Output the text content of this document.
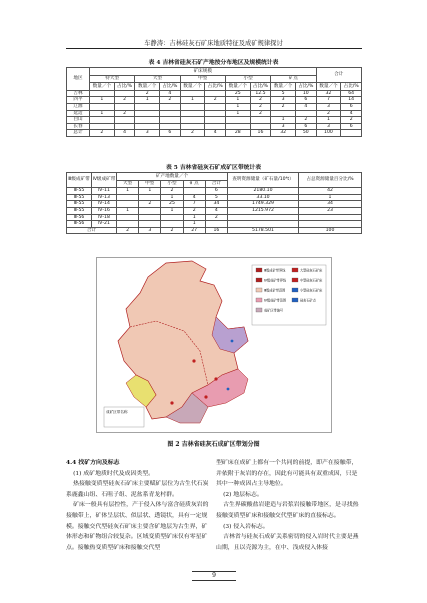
车静涛：吉林硅灰石矿床地质特征及成矿规律探讨
表 4 吉林省硅灰石矿产地按分布地区及规模统计表
地区	矿床规模										合计	
	特大型		大型		中型		小型		矿点			
	数量／个	占比/%	数量／个	占比/%	数量／个	占比/%	数量／个	占比/%	数量／个	占比/%	数量／个	占比/%
吉林			2	4			25	12.5	5	10	32	64
四平	1	2	1	2	1	2	1	2	3	6	7	14
辽源							1	2	2	4	3	6
延边	1	2					1	2			2	4
白山									1	2	1	2
长春									3	6	3	6
总计	2	4	3	6	2	4	28	16	32	50	100	
表 5 吉林省硅灰石矿成矿区带统计表
Ⅲ级成矿带	Ⅳ级成矿带	矿产地数量／个					查明资源储量（矿石量/10⁴t）	占总资源储量百分比/%
		大型	中型	小型	矿点	合计		
Ⅲ-55	Ⅳ-11	1	1	2		6	2180.10	42
Ⅲ-55	Ⅳ-13			1	4	5	33.10	1
Ⅲ-55	Ⅳ-14		2	25	7	34	1749.329	34
Ⅲ-55	Ⅳ-16	1		1	2	4	1215.972	23
Ⅲ-56	Ⅳ-18				1	2		
Ⅲ-56	Ⅳ-21				1			
合计		2	3	2	27	16	5178.501	100
成矿区带名称
Ⅲ级成矿带界线
Ⅳ级成矿带界线
Ⅲ级成矿带范围
Ⅳ级成矿带范围
成矿区带编号
大型硅灰石矿床
中型硅灰石矿床
小型硅灰石矿床
硅灰石矿点
图 2 吉林省硅灰石成矿区带划分图

4.4 找矿方向及标志

(1) 成矿地质时代及成因类型。

热接触变质型硅灰石矿床主要赋矿层位为古生代石炭系鹿鑫山组、石咀子组、泥盆系青龙村群。

矿床一般具有层控性，产于侵入体与富含硅质灰岩的接触带上，矿体呈层状、似层状、透镜状，具有一定规模。接触交代型硅灰石矿床主要含矿地层为古生界，矿体形态和矿物组合较复杂。区域变质型矿床仅有零星矿点。接触热变质型矿床和接触交代型

型矿床在成矿上都有一个共同的前提，即产在接触带，并依附于灰岩的存在，因此有可能具有双重成因，只是其中一种成因占主导地位。

(2) 地层标志。

古生界碳酸盐岩建造与岩浆岩接触带地区，是寻找热接触变质型矿床和接触交代型矿床的直接标志。

(3) 侵入岩标志。

吉林省与硅灰石成矿关系密切的侵入岩时代主要是燕山期，且以壳源为主，在中、浅成侵入体接

9
